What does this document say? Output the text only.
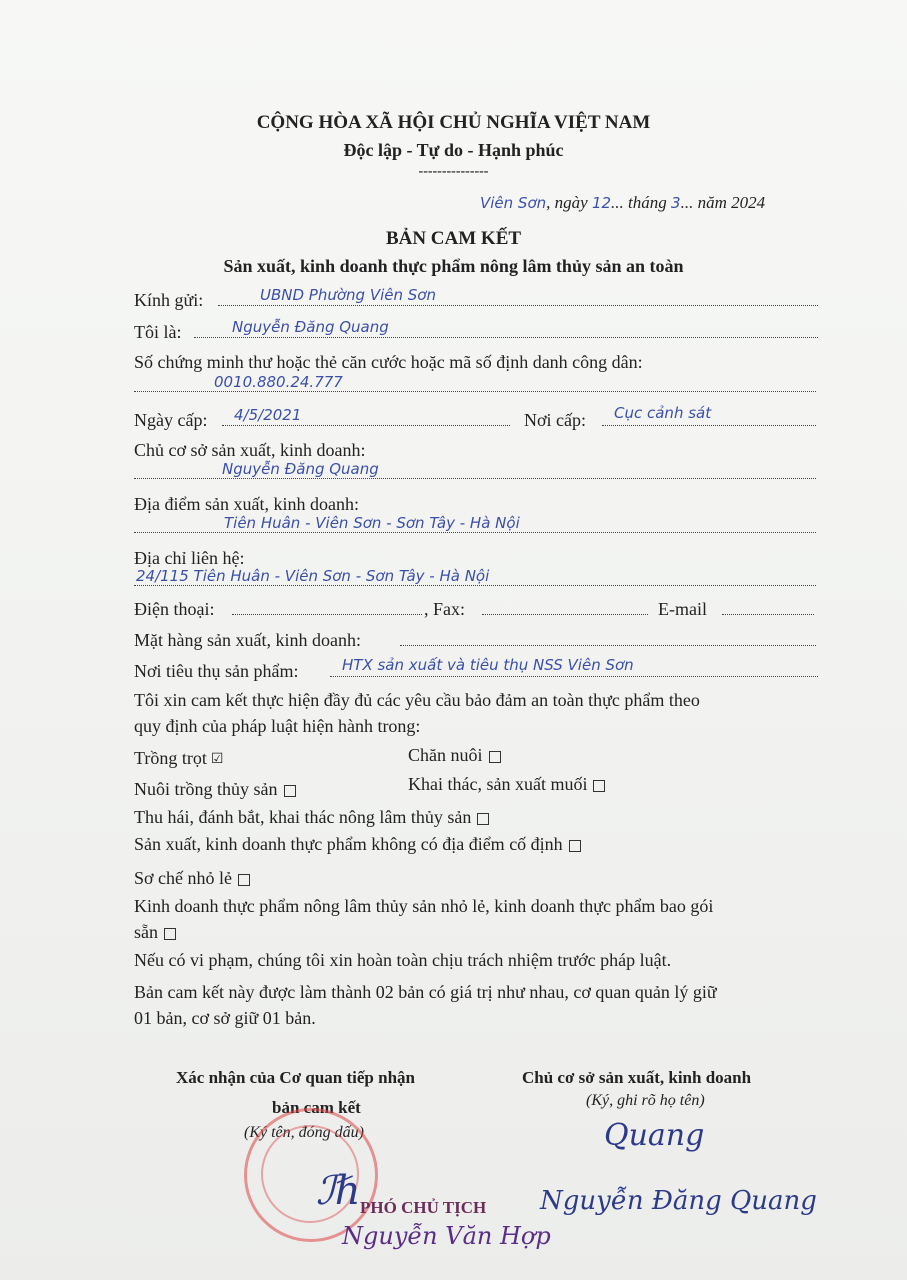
CỘNG HÒA XÃ HỘI CHỦ NGHĨA VIỆT NAM
Độc lập - Tự do - Hạnh phúc
---------------
Viên Sơn, ngày 12... tháng 3... năm 2024
BẢN CAM KẾT
Sản xuất, kinh doanh thực phẩm nông lâm thủy sản an toàn
Kính gửi:	UBND Phường Viên Sơn
Tôi là:	Nguyễn Đăng Quang
Số chứng minh thư hoặc thẻ căn cước hoặc mã số định danh công dân:
0010.880.24.777
Ngày cấp: 4/5/2021	Nơi cấp: Cục cảnh sát
Chủ cơ sở sản xuất, kinh doanh:
Nguyễn Đăng Quang
Địa điểm sản xuất, kinh doanh:
Tiên Huân - Viên Sơn - Sơn Tây - Hà Nội
Địa chỉ liên hệ:
24/115 Tiên Huân - Viên Sơn - Sơn Tây - Hà Nội
Điện thoại:	, Fax:	E-mail
Mặt hàng sản xuất, kinh doanh:
Nơi tiêu thụ sản phẩm:	HTX sản xuất và tiêu thụ NSS Viên Sơn
Tôi xin cam kết thực hiện đầy đủ các yêu cầu bảo đảm an toàn thực phẩm theo
quy định của pháp luật hiện hành trong:
Trồng trọt ☑	Chăn nuôi
Nuôi trồng thủy sản	Khai thác, sản xuất muối
Thu hái, đánh bắt, khai thác nông lâm thủy sản
Sản xuất, kinh doanh thực phẩm không có địa điểm cố định
Sơ chế nhỏ lẻ
Kinh doanh thực phẩm nông lâm thủy sản nhỏ lẻ, kinh doanh thực phẩm bao gói
sẵn
Nếu có vi phạm, chúng tôi xin hoàn toàn chịu trách nhiệm trước pháp luật.
Bản cam kết này được làm thành 02 bản có giá trị như nhau, cơ quan quản lý giữ
01 bản, cơ sở giữ 01 bản.
Xác nhận của Cơ quan tiếp nhận
bản cam kết
(Ký tên, đóng dấu)
ℐℏ PHÓ CHỦ TỊCH
Nguyễn Văn Hợp
Chủ cơ sở sản xuất, kinh doanh
(Ký, ghi rõ họ tên)
Quang
Nguyễn Đăng Quang
